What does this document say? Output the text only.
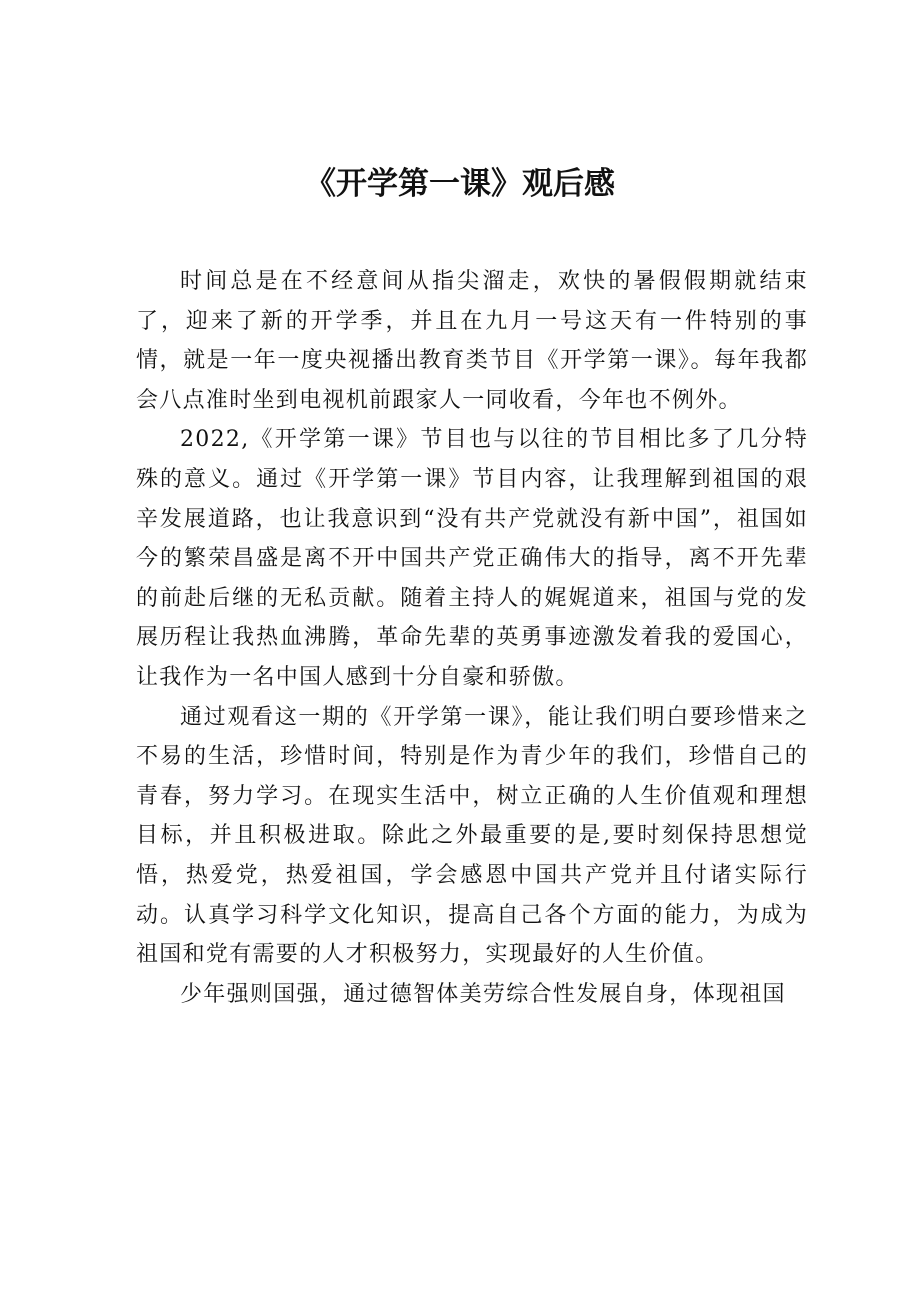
《开学第一课》观后感

时间总是在不经意间从指尖溜走，欢快的暑假假期就结束了，迎来了新的开学季，并且在九月一号这天有一件特别的事情，就是一年一度央视播出教育类节目《开学第一课》。每年我都会八点准时坐到电视机前跟家人一同收看，今年也不例外。

2022,《开学第一课》节目也与以往的节目相比多了几分特殊的意义。通过《开学第一课》节目内容，让我理解到祖国的艰辛发展道路，也让我意识到“没有共产党就没有新中国”，祖国如今的繁荣昌盛是离不开中国共产党正确伟大的指导，离不开先辈的前赴后继的无私贡献。随着主持人的娓娓道来，祖国与党的发展历程让我热血沸腾，革命先辈的英勇事迹激发着我的爱国心，让我作为一名中国人感到十分自豪和骄傲。

通过观看这一期的《开学第一课》，能让我们明白要珍惜来之不易的生活，珍惜时间，特别是作为青少年的我们，珍惜自己的青春，努力学习。在现实生活中，树立正确的人生价值观和理想目标，并且积极进取。除此之外最重要的是,要时刻保持思想觉悟，热爱党，热爱祖国，学会感恩中国共产党并且付诸实际行动。认真学习科学文化知识，提高自己各个方面的能力，为成为祖国和党有需要的人才积极努力，实现最好的人生价值。

少年强则国强，通过德智体美劳综合性发展自身，体现祖国
